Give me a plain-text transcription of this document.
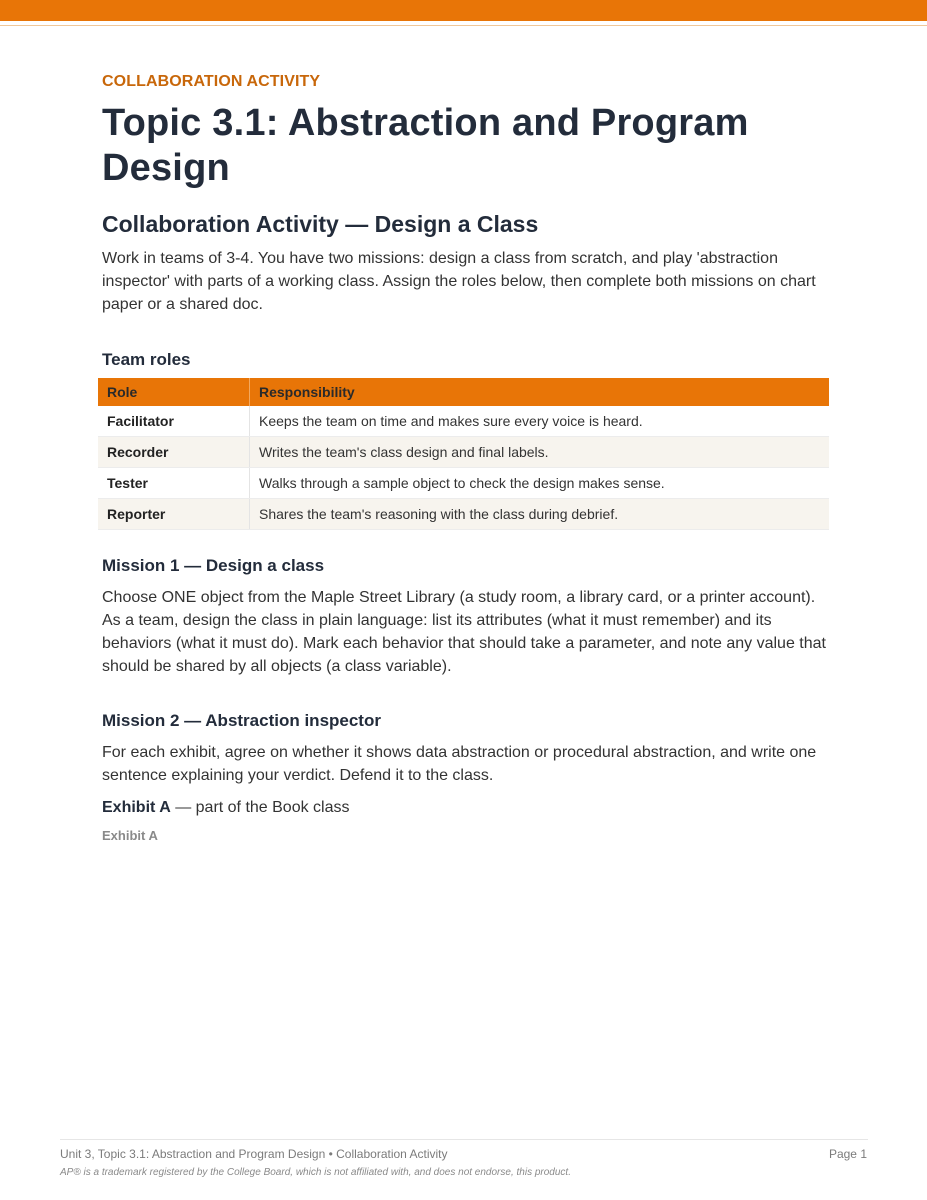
COLLABORATION ACTIVITY

Topic 3.1: Abstraction and Program Design
Collaboration Activity — Design a Class

Work in teams of 3-4. You have two missions: design a class from scratch, and play 'abstraction inspector' with parts of a working class. Assign the roles below, then complete both missions on chart paper or a shared doc.

Team roles
Role	Responsibility
Facilitator	Keeps the team on time and makes sure every voice is heard.
Recorder	Writes the team's class design and final labels.
Tester	Walks through a sample object to check the design makes sense.
Reporter	Shares the team's reasoning with the class during debrief.
Mission 1 — Design a class

Choose ONE object from the Maple Street Library (a study room, a library card, or a printer account). As a team, design the class in plain language: list its attributes (what it must remember) and its behaviors (what it must do). Mark each behavior that should take a parameter, and note any value that should be shared by all objects (a class variable).

Mission 2 — Abstraction inspector

For each exhibit, agree on whether it shows data abstraction or procedural abstraction, and write one sentence explaining your verdict. Defend it to the class.

Exhibit A — part of the Book class

Exhibit A
Unit 3, Topic 3.1: Abstraction and Program Design • Collaboration Activity	Page 1
AP® is a trademark registered by the College Board, which is not affiliated with, and does not endorse, this product.
